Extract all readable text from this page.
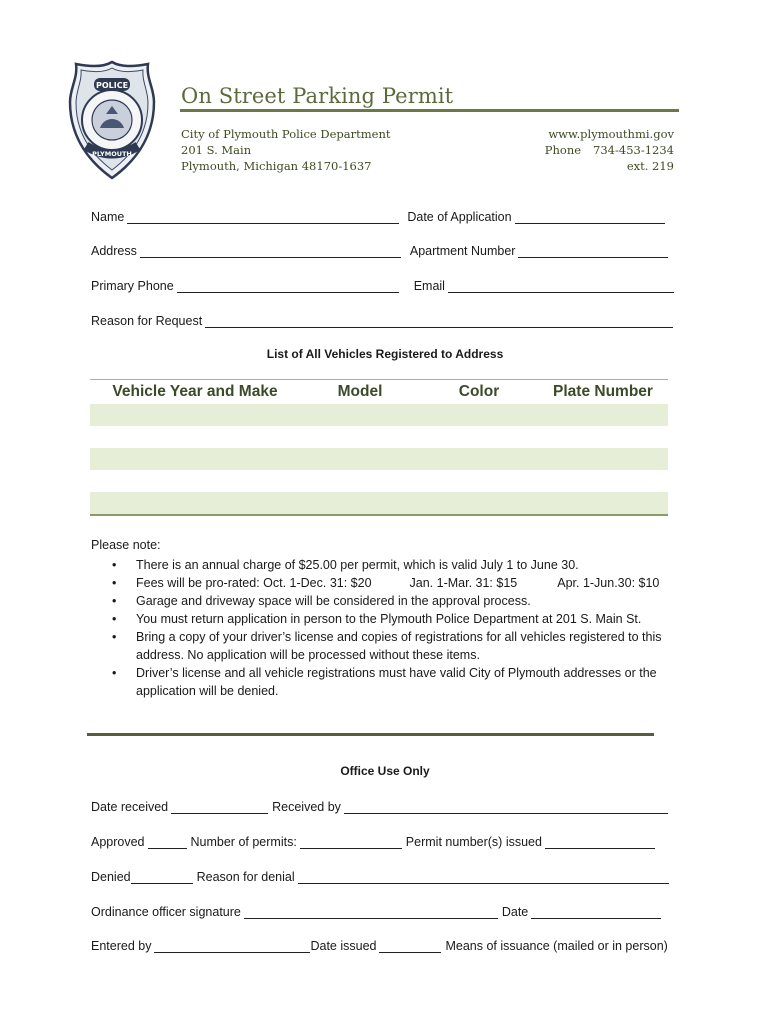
POLICE
PLYMOUTH
On Street Parking Permit
City of Plymouth Police Department
201 S. Main
Plymouth, Michigan 48170-1637
www.plymouthmi.gov
Phone 734-453-1234
ext. 219
Name	Date of Application
Address	Apartment Number
Primary Phone	Email
Reason for Request
List of All Vehicles Registered to Address
Vehicle Year and Make	Model	Color	Plate Number
Please note:
• There is an annual charge of $25.00 per permit, which is valid July 1 to June 30.
• Fees will be pro-rated: Oct. 1-Dec. 31: $20	Jan. 1-Mar. 31: $15	Apr. 1-Jun.30: $10
• Garage and driveway space will be considered in the approval process.
• You must return application in person to the Plymouth Police Department at 201 S. Main St.
• Bring a copy of your driver’s license and copies of registrations for all vehicles registered to this address. No application will be processed without these items.
• Driver’s license and all vehicle registrations must have valid City of Plymouth addresses or the application will be denied.
Office Use Only
Date received	Received by
Approved	Number of permits:	Permit number(s) issued
Denied	Reason for denial
Ordinance officer signature	Date
Entered by	Date issued	Means of issuance (mailed or in person)
